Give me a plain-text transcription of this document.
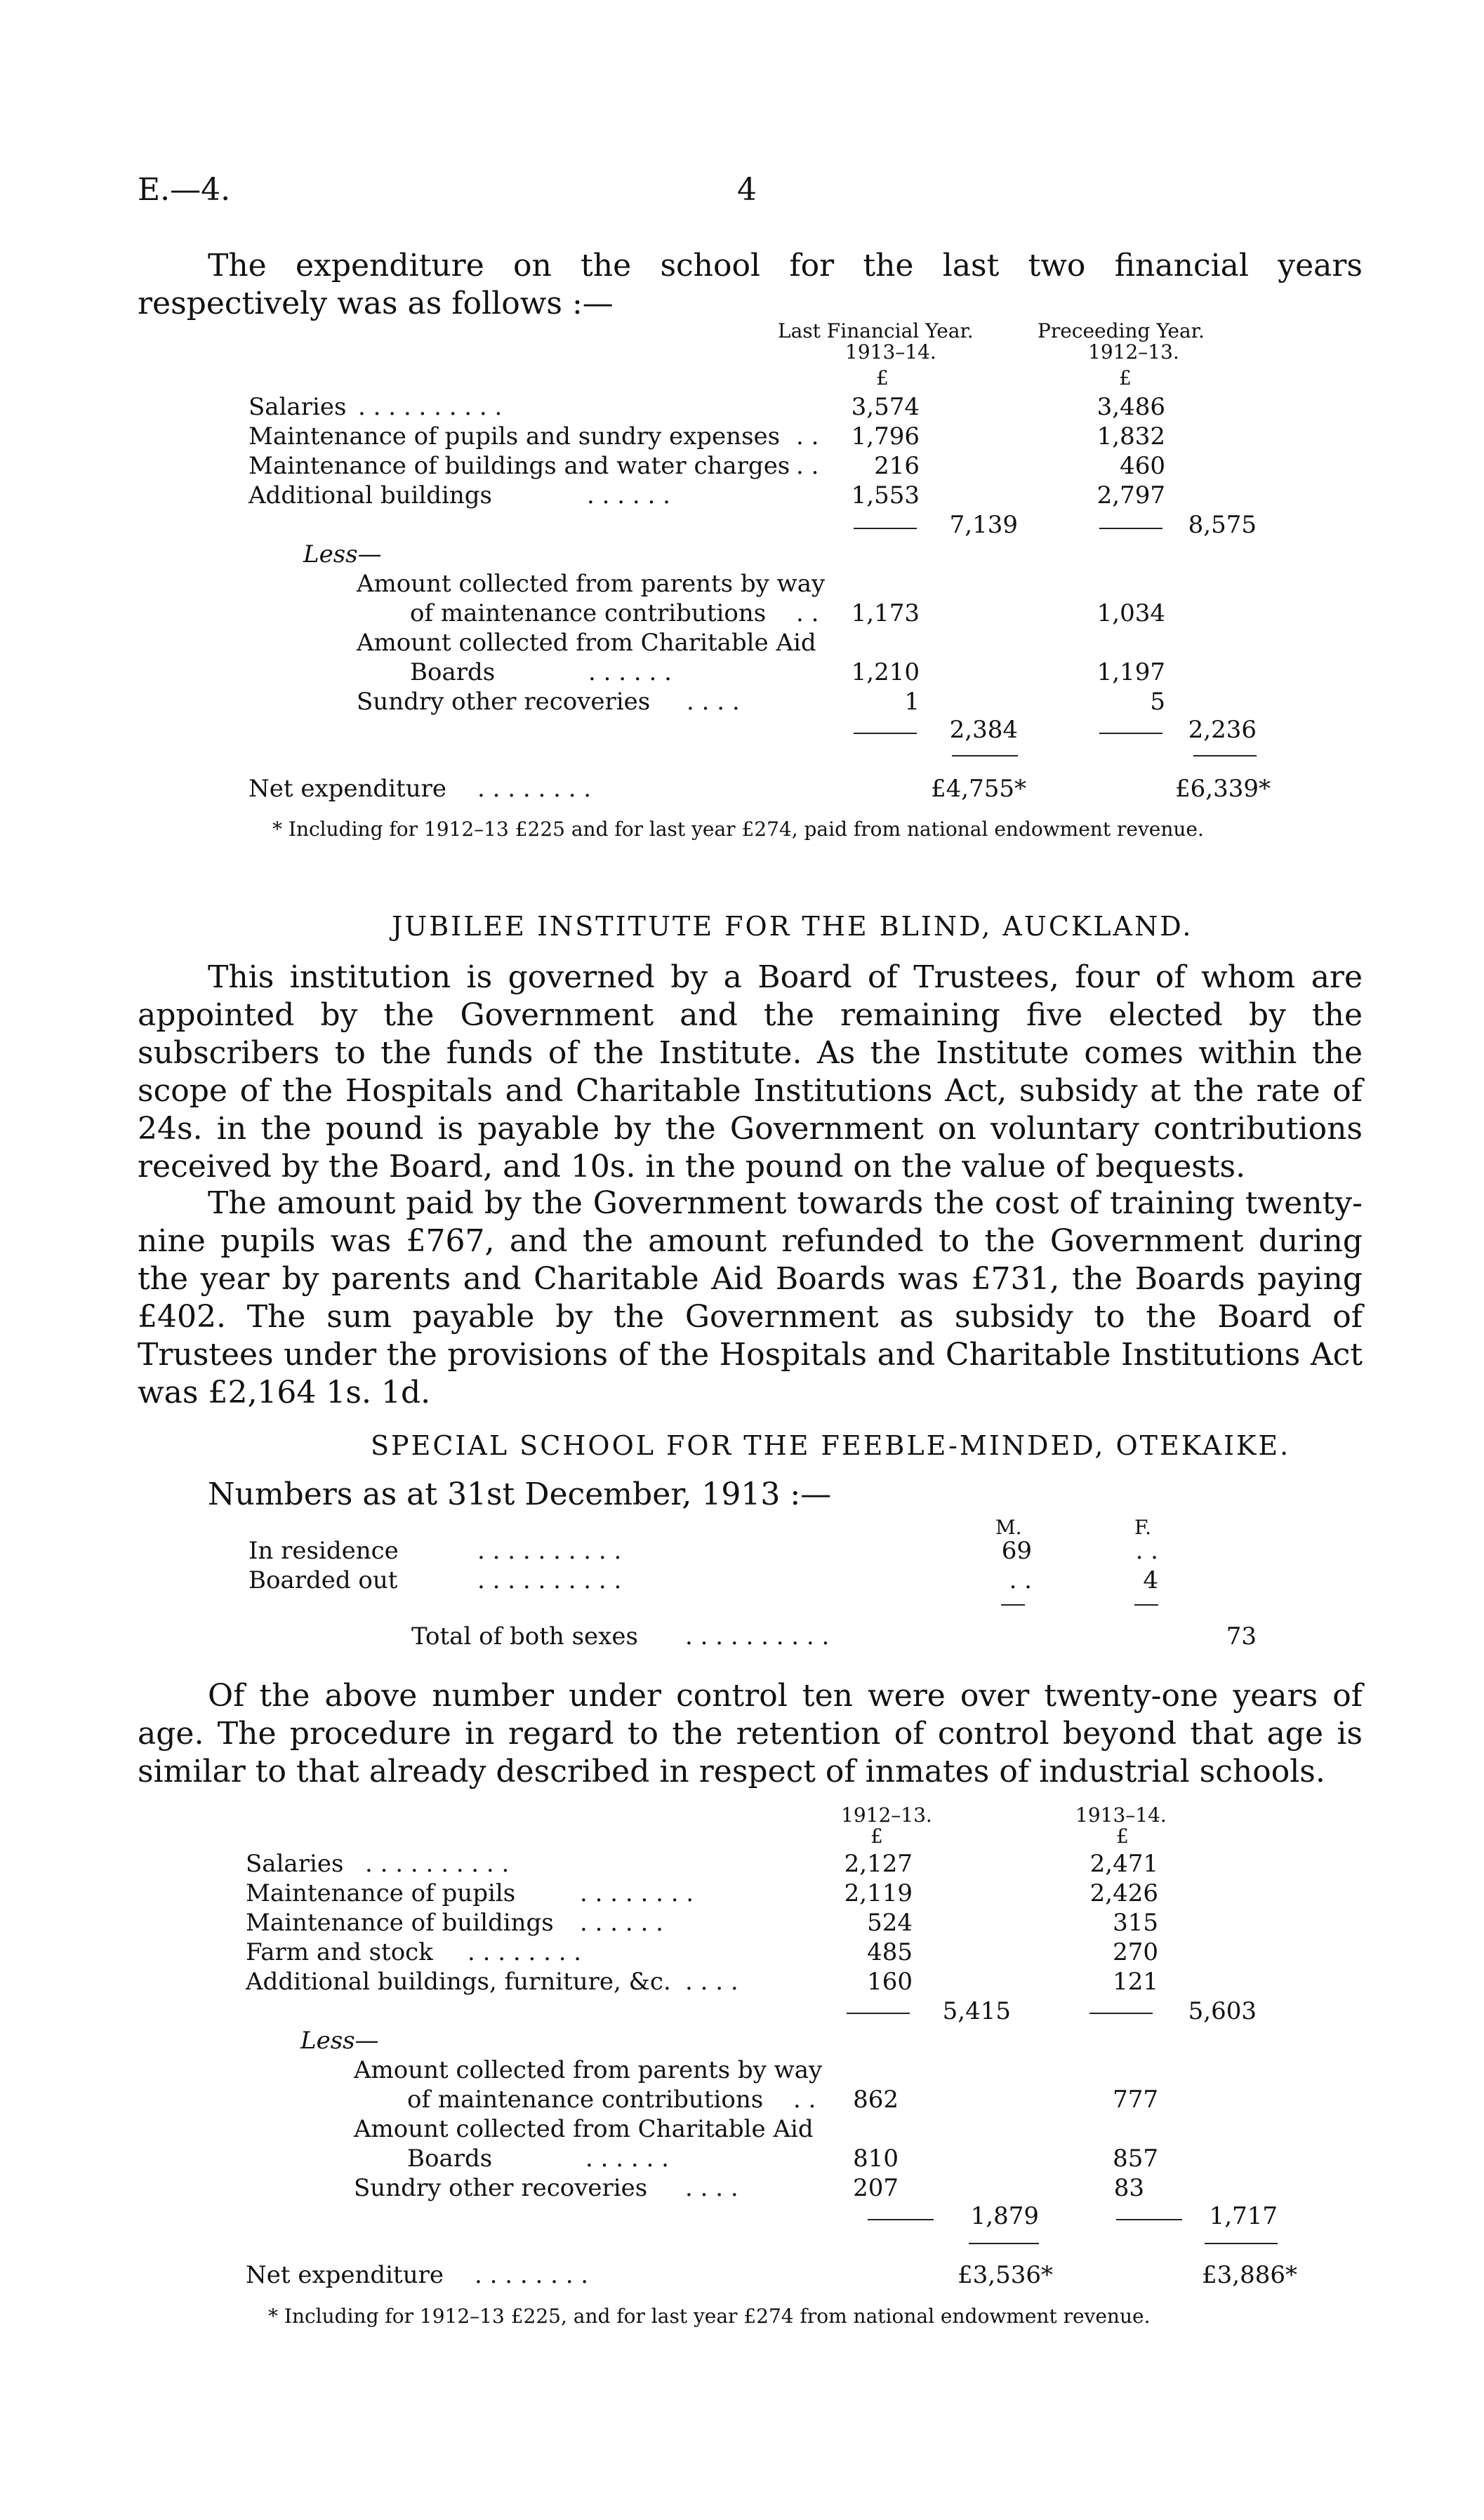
E.—4.	4

The expenditure on the school for the last two financial years respectively was as follows :—

Last Financial Year.
1913–14.
Preceeding Year.
1912–13.
£	£
Salaries . . . . . . . . . .	3,574	3,486
Maintenance of pupils and sundry expenses . .	1,796	1,832
Maintenance of buildings and water charges . .	216	460
Additional buildings	. . . . . .	1,553	2,797
7,139	8,575
Less—
Amount collected from parents by way
of maintenance contributions . .	1,173	1,034
Amount collected from Charitable Aid
Boards	. . . . . .	1,210	1,197
Sundry other recoveries . . . .	1	5
2,384	2,236
Net expenditure . . . . . . . .	£4,755*	£6,339*
* Including for 1912–13 £225 and for last year £274, paid from national endowment revenue.
JUBILEE INSTITUTE FOR THE BLIND, AUCKLAND.

This institution is governed by a Board of Trustees, four of whom are appointed by the Government and the remaining five elected by the subscribers to the funds of the Institute. As the Institute comes within the scope of the Hospitals and Charitable Institutions Act, subsidy at the rate of 24s. in the pound is payable by the Government on voluntary contributions received by the Board, and 10s. in the pound on the value of bequests.

The amount paid by the Government towards the cost of training twenty-nine pupils was £767, and the amount refunded to the Government during the year by parents and Charitable Aid Boards was £731, the Boards paying £402. The sum payable by the Government as subsidy to the Board of Trustees under the provisions of the Hospitals and Charitable Institutions Act was £2,164 1s. 1d.

SPECIAL SCHOOL FOR THE FEEBLE-MINDED, OTEKAIKE.
Numbers as at 31st December, 1913 :—
M.	F.
In residence	. . . . . . . . . .	69	. .
Boarded out	. . . . . . . . . .	. .	4
Total of both sexes . . . . . . . . . .	73

Of the above number under control ten were over twenty-one years of age. The procedure in regard to the retention of control beyond that age is similar to that already described in respect of inmates of industrial schools.

1912–13.	1913–14.
£	£
Salaries . . . . . . . . . .	2,127	2,471
Maintenance of pupils	. . . . . . . .	2,119	2,426
Maintenance of buildings . . . . . .	524	315
Farm and stock . . . . . . . .	485	270
Additional buildings, furniture, &c. . . . .	160	121
5,415	5,603
Less—
Amount collected from parents by way
of maintenance contributions . .	862	777
Amount collected from Charitable Aid
Boards	. . . . . .	810	857
Sundry other recoveries . . . .	207	83
1,879	1,717
Net expenditure . . . . . . . .	£3,536*	£3,886*
* Including for 1912–13 £225, and for last year £274 from national endowment revenue.
